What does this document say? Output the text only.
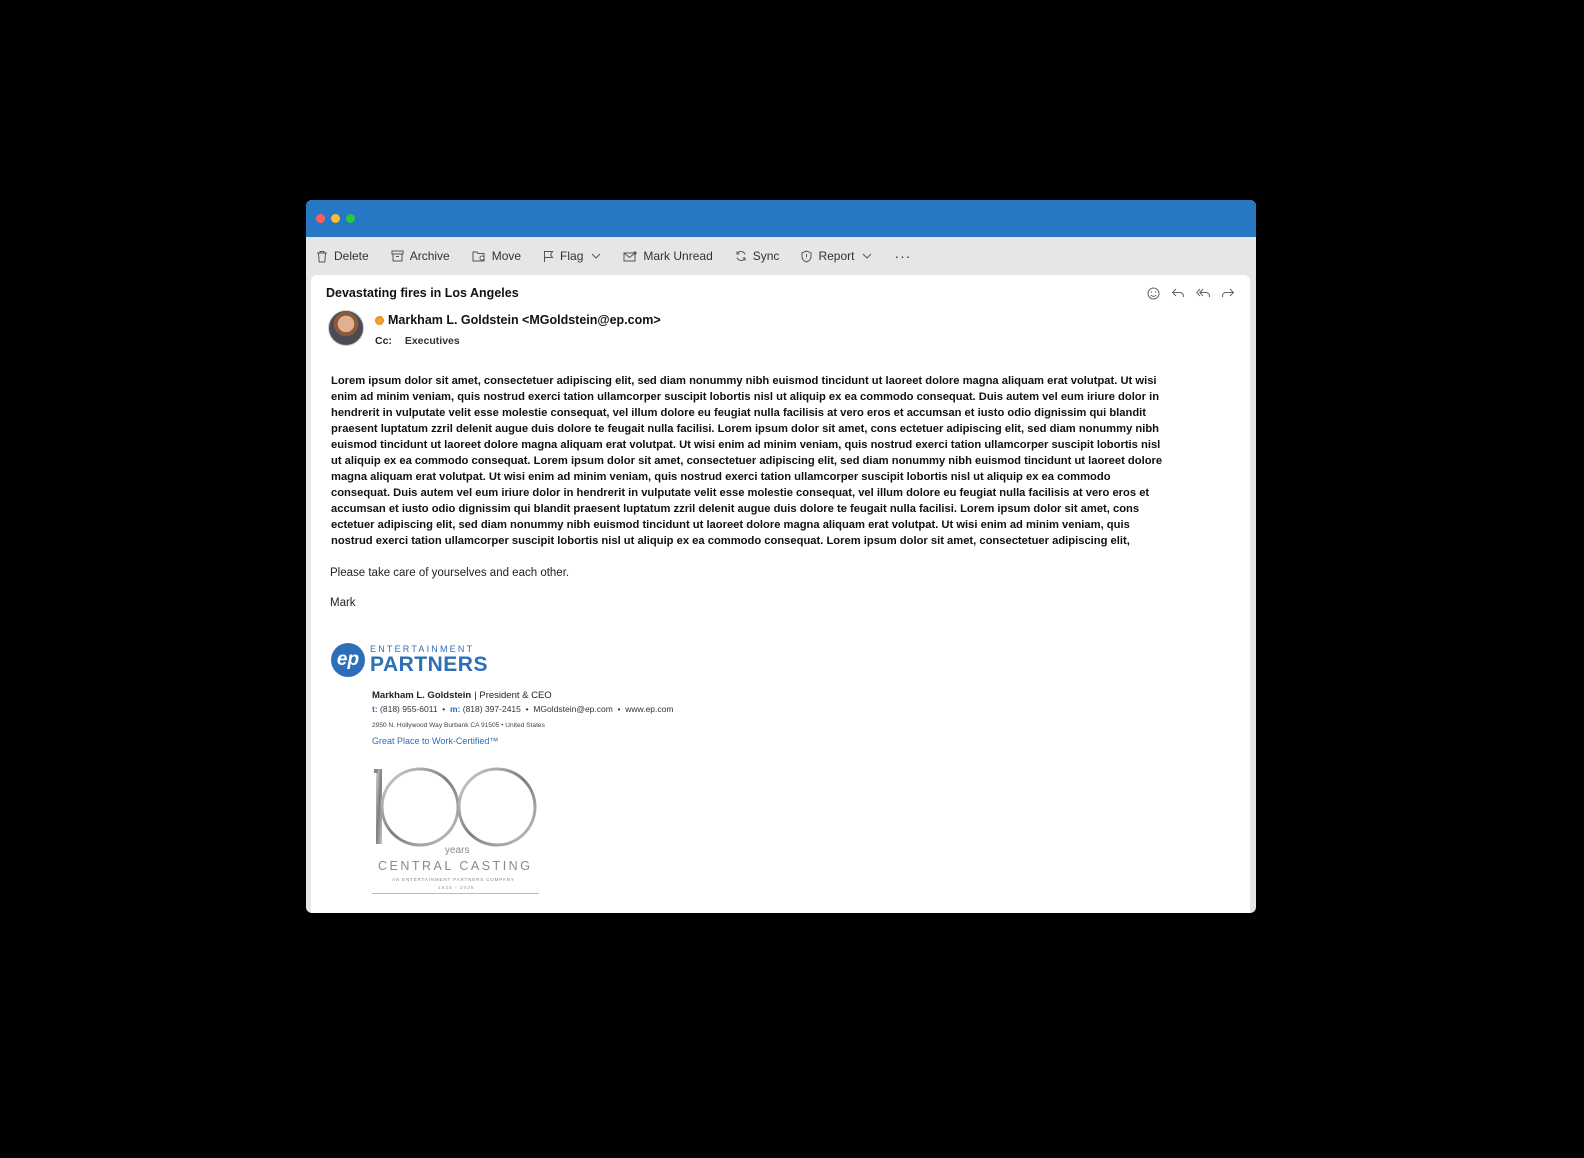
Delete	Archive	Move	Flag	Mark Unread	Sync	Report	···
Devastating fires in Los Angeles
Markham L. Goldstein <MGoldstein@ep.com>
Cc: Executives
Lorem ipsum dolor sit amet, consectetuer adipiscing elit, sed diam nonummy nibh euismod tincidunt ut laoreet dolore magna aliquam erat volutpat. Ut wisi enim ad minim veniam, quis nostrud exerci tation ullamcorper suscipit lobortis nisl ut aliquip ex ea commodo consequat. Duis autem vel eum iriure dolor in hendrerit in vulputate velit esse molestie consequat, vel illum dolore eu feugiat nulla facilisis at vero eros et accumsan et iusto odio dignissim qui blandit praesent luptatum zzril delenit augue duis dolore te feugait nulla facilisi. Lorem ipsum dolor sit amet, cons ectetuer adipiscing elit, sed diam nonummy nibh euismod tincidunt ut laoreet dolore magna aliquam erat volutpat. Ut wisi enim ad minim veniam, quis nostrud exerci tation ullamcorper suscipit lobortis nisl ut aliquip ex ea commodo consequat. Lorem ipsum dolor sit amet, consectetuer adipiscing elit, sed diam nonummy nibh euismod tincidunt ut laoreet dolore magna aliquam erat volutpat. Ut wisi enim ad minim veniam, quis nostrud exerci tation ullamcorper suscipit lobortis nisl ut aliquip ex ea commodo consequat. Duis autem vel eum iriure dolor in hendrerit in vulputate velit esse molestie consequat, vel illum dolore eu feugiat nulla facilisis at vero eros et accumsan et iusto odio dignissim qui blandit praesent luptatum zzril delenit augue duis dolore te feugait nulla facilisi. Lorem ipsum dolor sit amet, cons ectetuer adipiscing elit, sed diam nonummy nibh euismod tincidunt ut laoreet dolore magna aliquam erat volutpat. Ut wisi enim ad minim veniam, quis nostrud exerci tation ullamcorper suscipit lobortis nisl ut aliquip ex ea commodo consequat. Lorem ipsum dolor sit amet, consectetuer adipiscing elit,
Please take care of yourselves and each other.
Mark
ep	ENTERTAINMENT
PARTNERS
Markham L. Goldstein | President & CEO
t: (818) 955-6011  •  m: (818) 397-2415  •  MGoldstein@ep.com  •  www.ep.com
2950 N. Hollywood Way Burbank CA 91505 • United States
Great Place to Work-Certified™
years
CENTRAL CASTING
AN ENTERTAINMENT PARTNERS COMPANY
1925 - 2025
